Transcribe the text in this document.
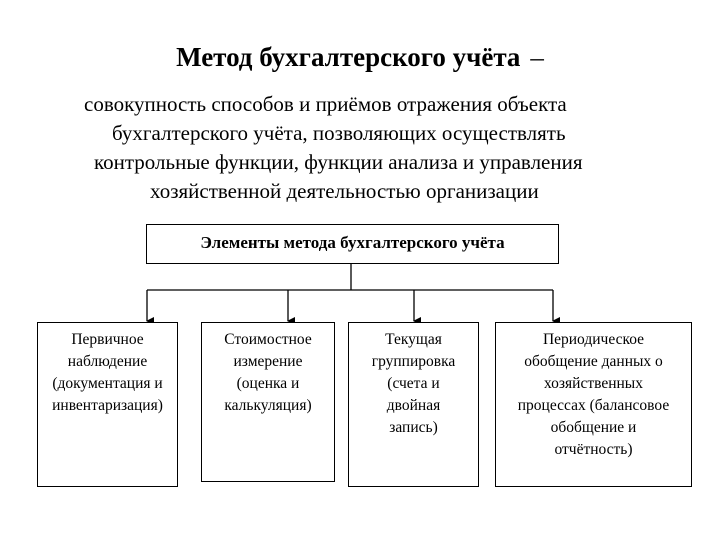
Метод бухгалтерского учёта –
совокупность способов и приёмов отражения объекта
бухгалтерского учёта, позволяющих осуществлять
контрольные функции, функции анализа и управления
хозяйственной деятельностью организации
Элементы метода бухгалтерского учёта
Первичное
наблюдение
(документация и
инвентаризация)
Стоимостное
измерение
(оценка и
калькуляция)
Текущая
группировка
(счета и
двойная
запись)
Периодическое
обобщение данных о
хозяйственных
процессах (балансовое
обобщение и
отчётность)
